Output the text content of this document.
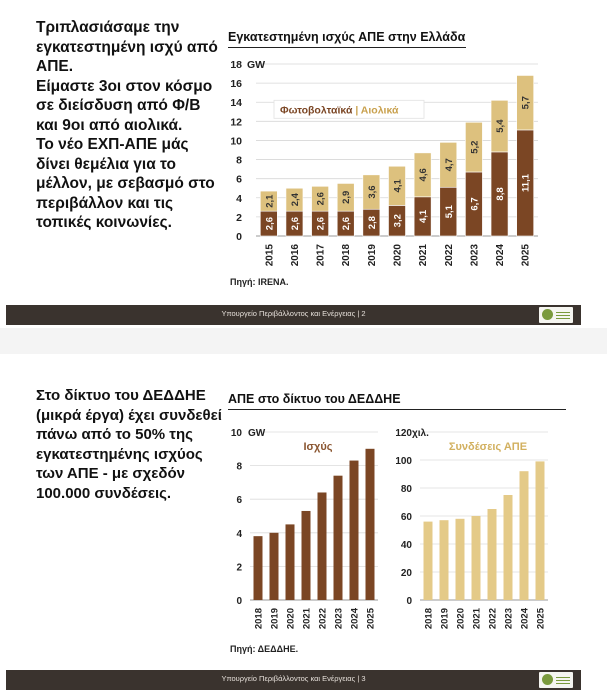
Τριπλασιάσαμε την εγκατεστημένη ισχύ από ΑΠΕ.

Είμαστε 3οι στον κόσμο σε διείσδυση από Φ/Β και 9οι από αιολικά.

Το νέο ΕΧΠ-ΑΠΕ μάς δίνει θεμέλια για το μέλλον, με σεβασμό στο περιβάλλον και τις τοπικές κοινωνίες.

Εγκατεστημένη ισχύς ΑΠΕ στην Ελλάδα
0
2
4
6
8
10
12
14
16
18 GW
2,6
2,1
2015
2,6
2,4
2016
2,6
2,6
2017
2,6
2,9
2018
2,8
3,6
2019
3,2
4,1
2020
4,1
4,6
2021
5,1
4,7
2022
6,7
5,2
2023
8,8
5,4
2024
11,1
5,7
2025
Φωτοβολταϊκά | Αιολικά
Πηγή: IRENA.
Υπουργείο Περιβάλλοντος και Ενέργειας | 2
Στο δίκτυο του ΔΕΔΔΗΕ (μικρά έργα) έχει συνδεθεί πάνω από το 50% της εγκατεστημένης ισχύος των ΑΠΕ - με σχεδόν 100.000 συνδέσεις.
ΑΠΕ στο δίκτυο του ΔΕΔΔΗΕ
0
2
4
6
8
10 GW
Ισχύς
2018 2019 2020 2021 2022 2023 2024 2025
0
20
40
60
80
100
120 χιλ.
Συνδέσεις ΑΠΕ
2018 2019 2020 2021 2022 2023 2024 2025
Πηγή: ΔΕΔΔΗΕ.
Υπουργείο Περιβάλλοντος και Ενέργειας | 3
